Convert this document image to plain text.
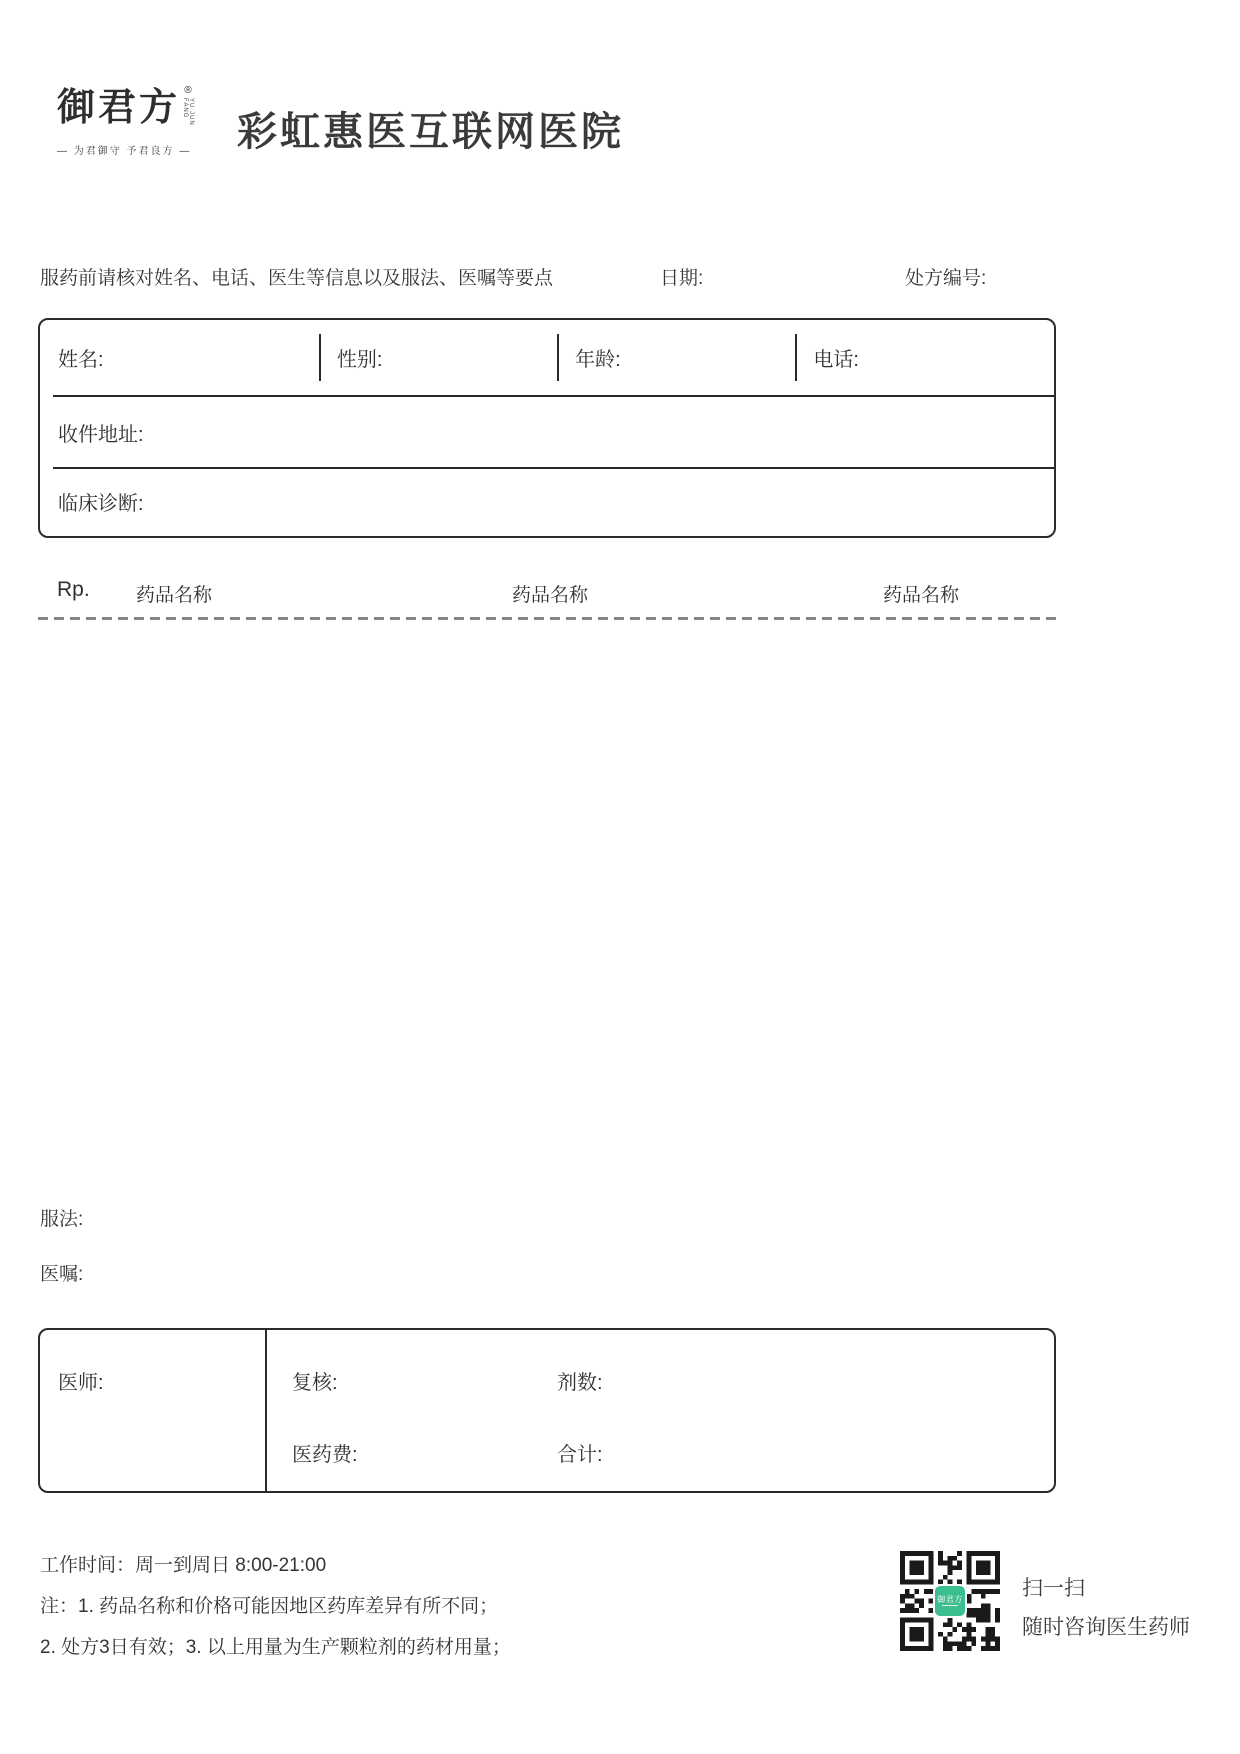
御君方 ®
YU JUN FANG
— 为君御守 予君良方 —	彩虹惠医互联网医院
服药前请核对姓名、电话、医生等信息以及服法、医嘱等要点	日期:	处方编号:
姓名:	性别:	年龄:	电话:
收件地址:
临床诊断:
Rp. 药品名称	药品名称	药品名称
服法:
医嘱:
医师:	复核:	剂数:
医药费:	合计:
工作时间：周一到周日 8:00-21:00
注：1. 药品名称和价格可能因地区药库差异有所不同；
2. 处方3日有效；3. 以上用量为生产颗粒剂的药材用量；
御君方	扫一扫
随时咨询医生药师
